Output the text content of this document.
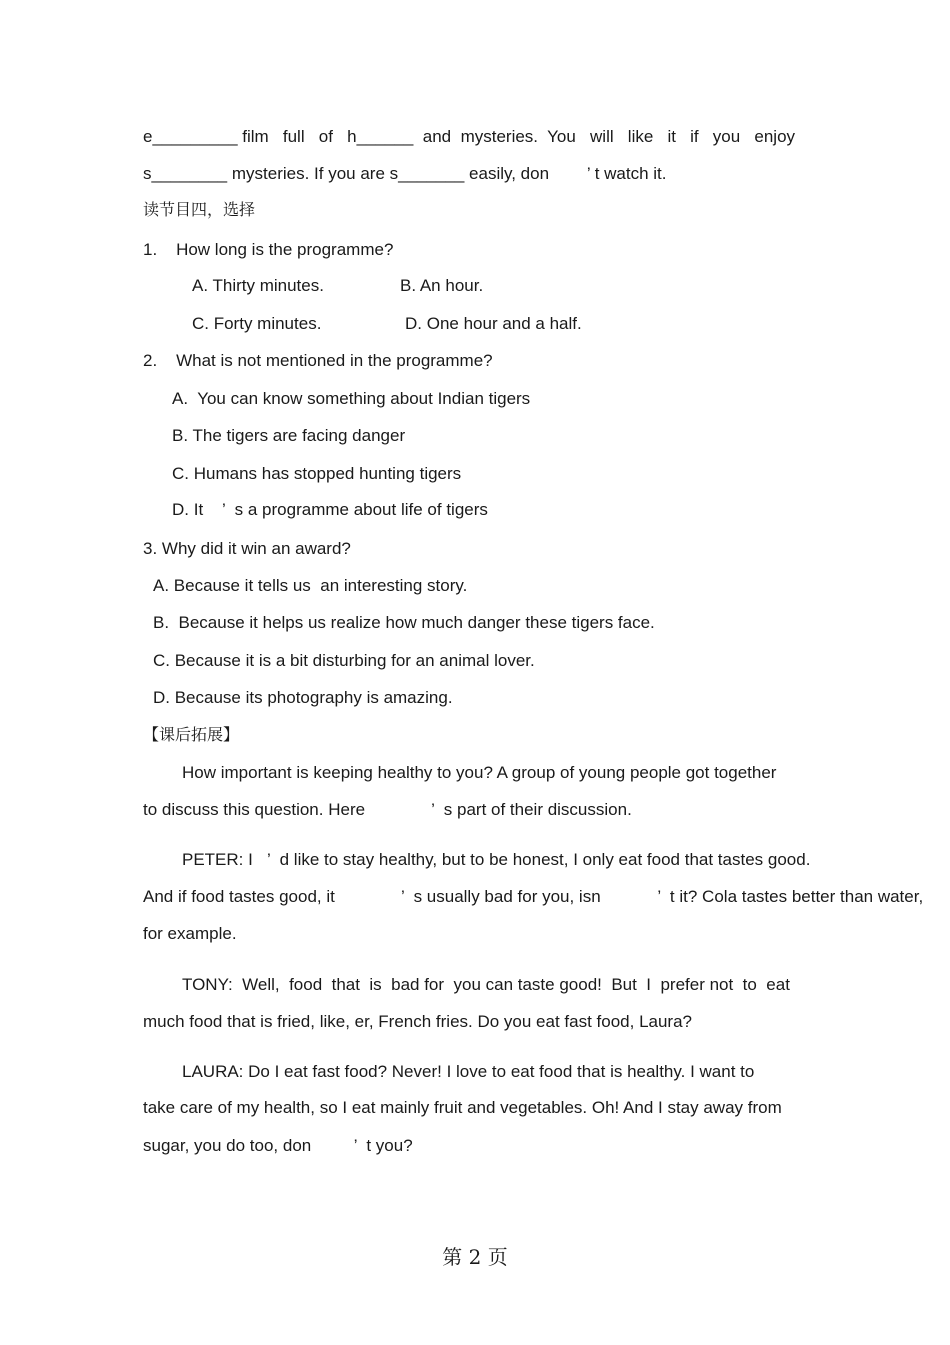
e_________ film   full   of   h______  and  mysteries.  You   will   like   it   if   you   enjoy
s________ mysteries. If you are s_______ easily, don        ’ t watch it.
读节目四，选择
1.    How long is the programme?
A. Thirty minutes.	B. An hour.
C. Forty minutes.	D. One hour and a half.
2.    What is not mentioned in the programme?
A.  You can know something about Indian tigers
B. The tigers are facing danger
C. Humans has stopped hunting tigers
D. It    ’  s a programme about life of tigers
3. Why did it win an award?
A. Because it tells us  an interesting story.
B.  Because it helps us realize how much danger these tigers face.
C. Because it is a bit disturbing for an animal lover.
D. Because its photography is amazing.
【课后拓展】
How important is keeping healthy to you? A group of young people got together
to discuss this question. Here              ’  s part of their discussion.
PETER: I   ’  d like to stay healthy, but to be honest, I only eat food that tastes good.
And if food tastes good, it              ’  s usually bad for you, isn            ’  t it? Cola tastes better than water,
for example.
TONY:  Well,  food  that  is  bad for  you can taste good!  But  I  prefer not  to  eat
much food that is fried, like, er, French fries. Do you eat fast food, Laura?
LAURA: Do I eat fast food? Never! I love to eat food that is healthy. I want to
take care of my health, so I eat mainly fruit and vegetables. Oh! And I stay away from
sugar, you do too, don         ’  t you?
第 2 页
